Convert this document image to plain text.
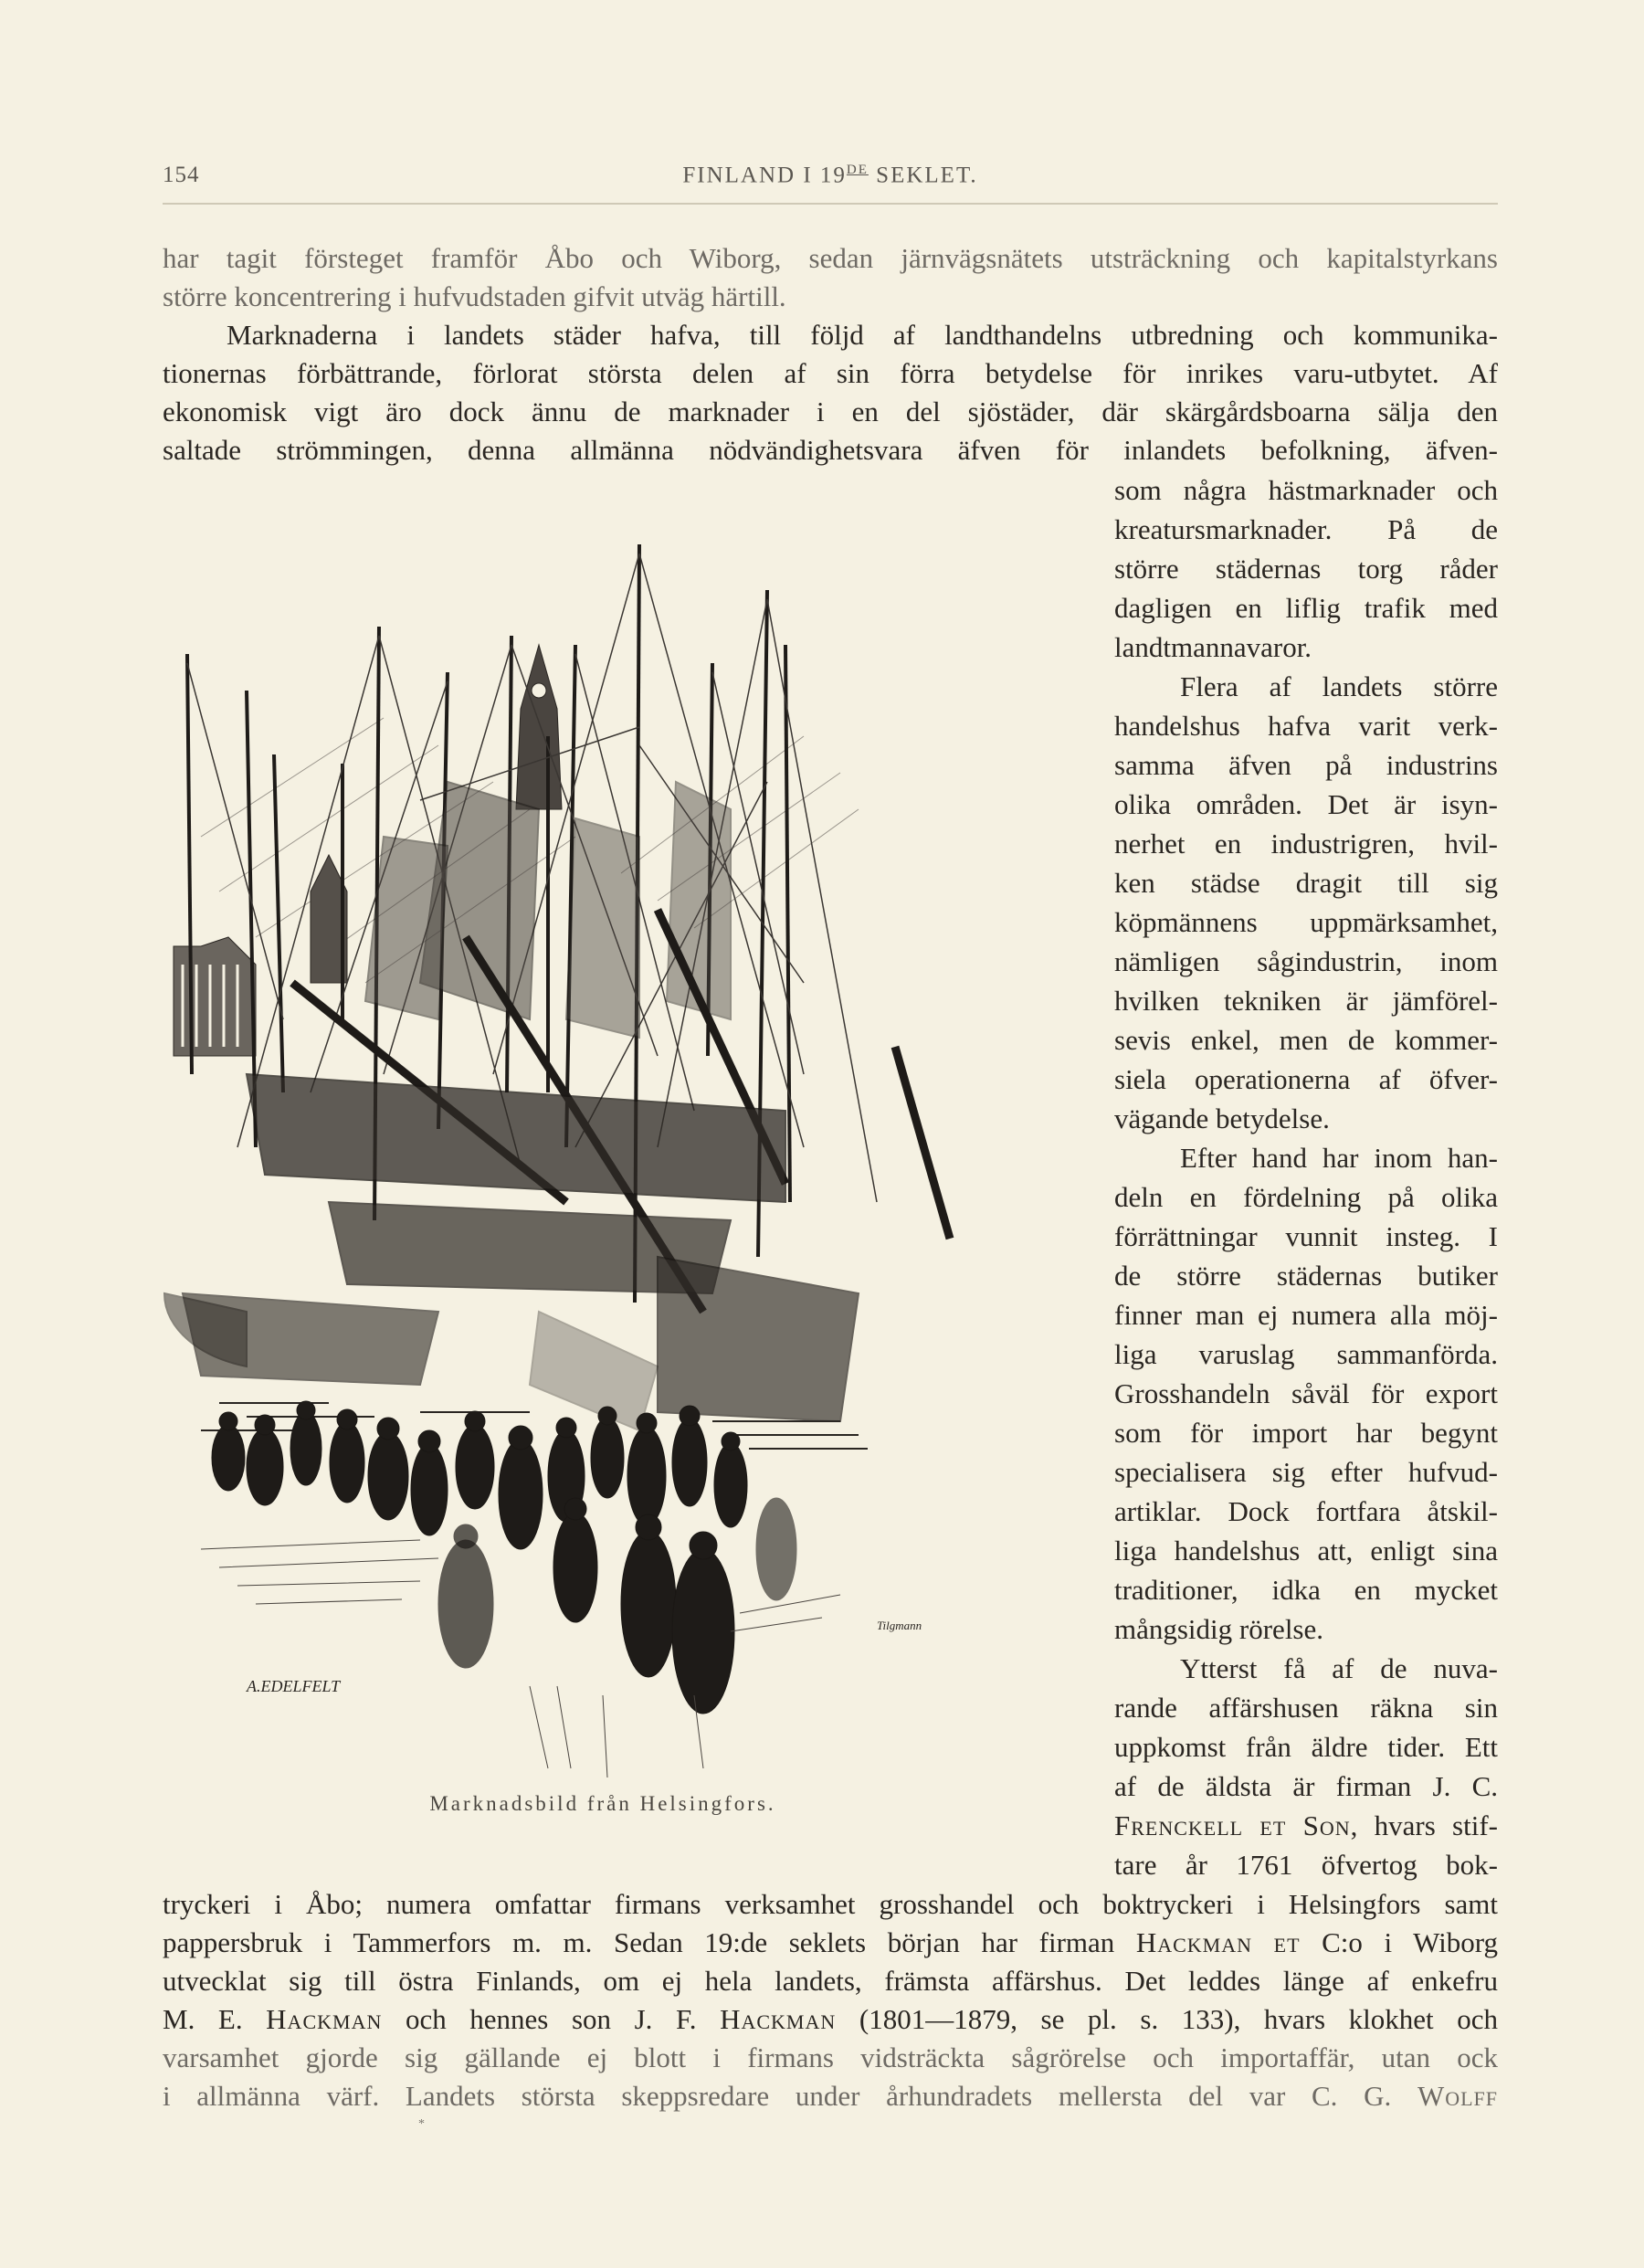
154	FINLAND I 19DE SEKLET.
har tagit försteget framför Åbo och Wiborg, sedan järnvägsnätets utsträckning och kapitalstyrkans
större koncentrering i hufvudstaden gifvit utväg härtill.
Marknaderna i landets städer hafva, till följd af landthandelns utbredning och kommunika-
tionernas förbättrande, förlorat största delen af sin förra betydelse för inrikes varu-utbytet. Af
ekonomisk vigt äro dock ännu de marknader i en del sjöstäder, där skärgårdsboarna sälja den
saltade strömmingen, denna allmänna nödvändighetsvara äfven för inlandets befolkning, äfven-
som några hästmarknader och
kreatursmarknader. På de
större städernas torg råder
dagligen en liflig trafik med
landtmannavaror.
Flera af landets större
handelshus hafva varit verk-
samma äfven på industrins
olika områden. Det är isyn-
nerhet en industrigren, hvil-
ken städse dragit till sig
köpmännens uppmärksamhet,
nämligen sågindustrin, inom
hvilken tekniken är jämförel-
sevis enkel, men de kommer-
siela operationerna af öfver-
vägande betydelse.
Efter hand har inom han-
deln en fördelning på olika
förrättningar vunnit insteg. I
de större städernas butiker
finner man ej numera alla möj-
liga varuslag sammanförda.
Grosshandeln såväl för export
som för import har begynt
specialisera sig efter hufvud-
artiklar. Dock fortfara åtskil-
liga handelshus att, enligt sina
traditioner, idka en mycket
mångsidig rörelse.
Ytterst få af de nuva-
rande affärshusen räkna sin
uppkomst från äldre tider. Ett
af de äldsta är firman J. C.
Frenckell et Son, hvars stif-
tare år 1761 öfvertog bok-
tryckeri i Åbo; numera omfattar firmans verksamhet grosshandel och boktryckeri i Helsingfors samt
pappersbruk i Tammerfors m. m. Sedan 19:de seklets början har firman Hackman et C:o i Wiborg
utvecklat sig till östra Finlands, om ej hela landets, främsta affärshus. Det leddes länge af enkefru
M. E. Hackman och hennes son J. F. Hackman (1801—1879, se pl. s. 133), hvars klokhet och
varsamhet gjorde sig gällande ej blott i firmans vidsträckta sågrörelse och importaffär, utan ock
i allmänna värf. Landets största skeppsredare under århundradets mellersta del var C. G. Wolff
*
A.EDELFELT
Tilgmann
Marknadsbild från Helsingfors.
